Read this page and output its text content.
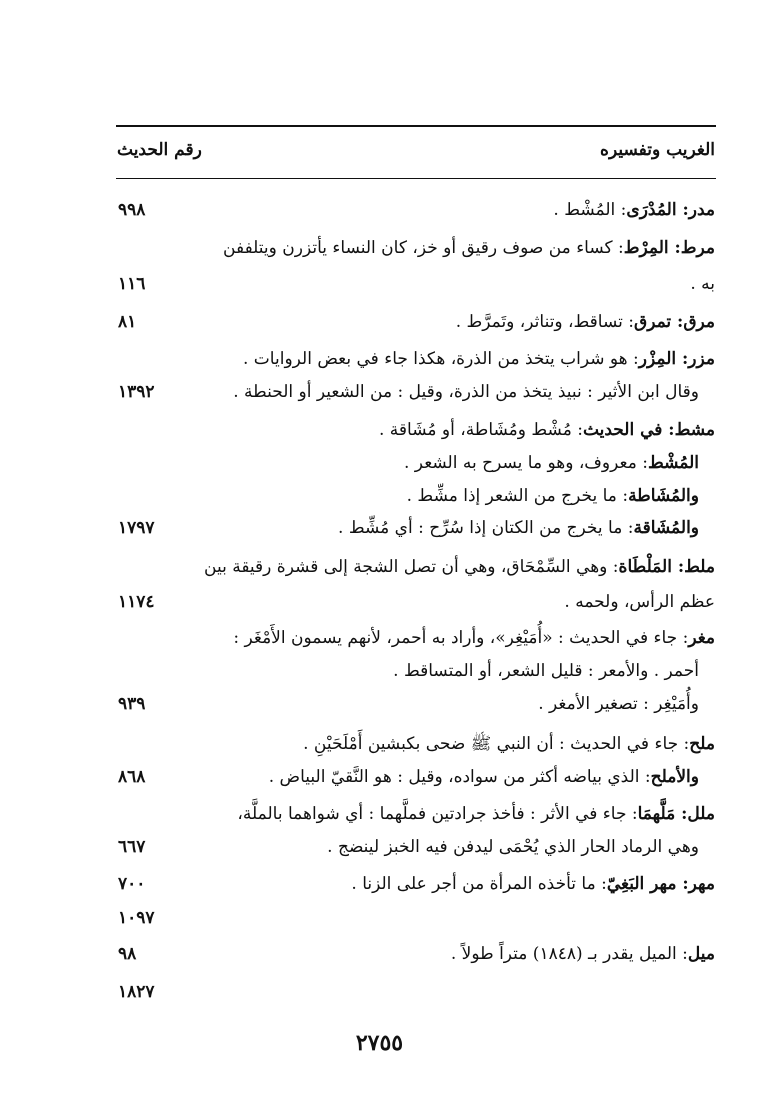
الغريب وتفسيره
رقم الحديث
مدر: المُدْرَى: المُشْط .
٩٩٨
مرط: المِرْط: كساء من صوف رقيق أو خز، كان النساء يأتزرن ويتلففن
به .
١١٦
مرق: تمرق: تساقط، وتناثر، وتَمرَّط .
٨١
مزر: المِزْر: هو شراب يتخذ من الذرة، هكذا جاء في بعض الروايات .
وقال ابن الأثير : نبيذ يتخذ من الذرة، وقيل : من الشعير أو الحنطة .
١٣٩٢
مشط: في الحديث: مُشْط ومُشَاطة، أو مُشَاقة .
المُشْط: معروف، وهو ما يسرح به الشعر .
والمُشَاطة: ما يخرج من الشعر إذا مشِّط .
والمُشَاقة: ما يخرج من الكتان إذا سُرِّح : أي مُشِّط .
١٧٩٧
ملط: المَلْطَاة: وهي السِّمْحَاق، وهي أن تصل الشجة إلى قشرة رقيقة بين
عظم الرأس، ولحمه .
١١٧٤
مغر: جاء في الحديث : «أُمَيْغِر»، وأراد به أحمر، لأنهم يسمون الأَمْغَر :
أحمر . والأمعر : قليل الشعر، أو المتساقط .
وأُمَيْغِر : تصغير الأمغر .
٩٣٩
ملح: جاء في الحديث : أن النبي ﷺ ضحى بكبشين أَمْلَحَيْنِ .
والأملح: الذي بياضه أكثر من سواده، وقيل : هو النَّقيّ البياض .
٨٦٨
ملل: مَلَّهمَا: جاء في الأثر : فأخذ جرادتين فملَّهما : أي شواهما بالملَّة،
وهي الرماد الحار الذي يُحْمَى ليدفن فيه الخبز لينضج .
٦٦٧
مهر: مهر البَغِيّ: ما تأخذه المرأة من أجر على الزنا .
٧٠٠
١٠٩٧
ميل: الميل يقدر بـ (١٨٤٨) متراً طولاً .
٩٨
١٨٢٧
٢٧٥٥
